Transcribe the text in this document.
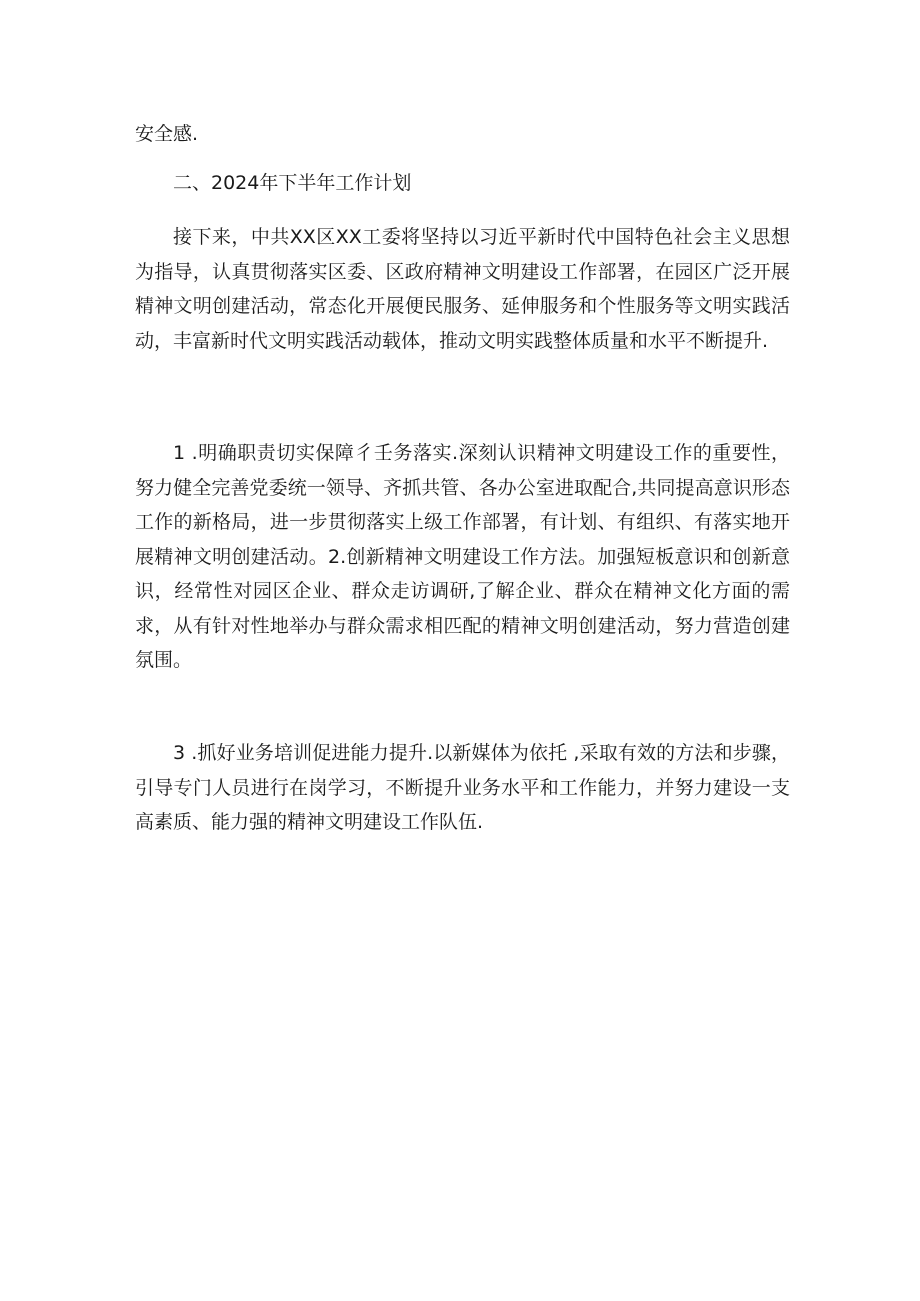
安全感.

二、2024年下半年工作计划

接下来，中共XX区XX工委将坚持以习近平新时代中国特色社会主义思想为指导，认真贯彻落实区委、区政府精神文明建设工作部署，在园区广泛开展精神文明创建活动，常态化开展便民服务、延伸服务和个性服务等文明实践活动，丰富新时代文明实践活动载体，推动文明实践整体质量和水平不断提升.

1 .明确职责切实保障彳壬务落实.深刻认识精神文明建设工作的重要性，努力健全完善党委统一领导、齐抓共管、各办公室进取配合,共同提高意识形态工作的新格局，进一步贯彻落实上级工作部署，有计划、有组织、有落实地开展精神文明创建活动。2.创新精神文明建设工作方法。加强短板意识和创新意识，经常性对园区企业、群众走访调研,了解企业、群众在精神文化方面的需求，从有针对性地举办与群众需求相匹配的精神文明创建活动，努力营造创建氛围。

3 .抓好业务培训促进能力提升.以新媒体为依托 ,采取有效的方法和步骤，引导专门人员进行在岗学习，不断提升业务水平和工作能力，并努力建设一支高素质、能力强的精神文明建设工作队伍.
